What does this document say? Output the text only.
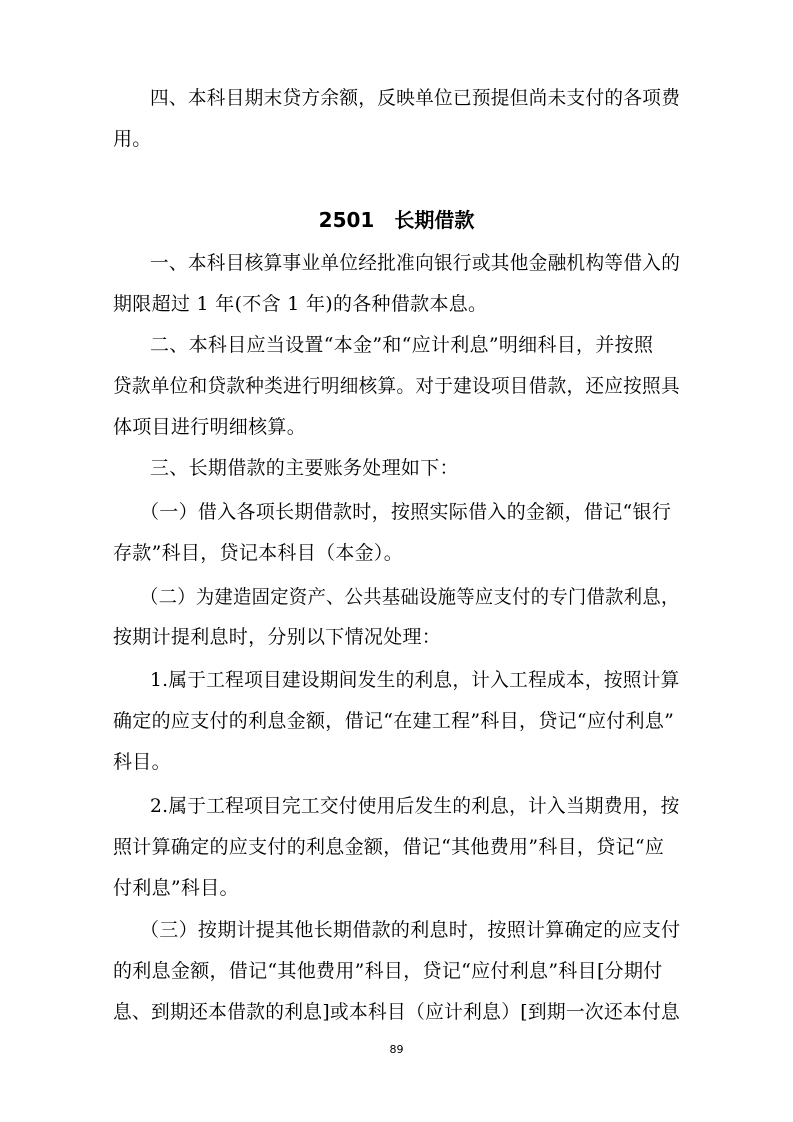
四、本科目期末贷方余额，反映单位已预提但尚未支付的各项费
用。
2501　长期借款
一、本科目核算事业单位经批准向银行或其他金融机构等借入的
期限超过 1 年(不含 1 年)的各种借款本息。
二、本科目应当设置“本金”和“应计利息”明细科目，并按照
贷款单位和贷款种类进行明细核算。对于建设项目借款，还应按照具
体项目进行明细核算。
三、长期借款的主要账务处理如下：
（一）借入各项长期借款时，按照实际借入的金额，借记“银行
存款”科目，贷记本科目（本金）。
（二）为建造固定资产、公共基础设施等应支付的专门借款利息，
按期计提利息时，分别以下情况处理：
1.属于工程项目建设期间发生的利息，计入工程成本，按照计算
确定的应支付的利息金额，借记“在建工程”科目，贷记“应付利息”
科目。
2.属于工程项目完工交付使用后发生的利息，计入当期费用，按
照计算确定的应支付的利息金额，借记“其他费用”科目，贷记“应
付利息”科目。
（三）按期计提其他长期借款的利息时，按照计算确定的应支付
的利息金额，借记“其他费用”科目，贷记“应付利息”科目[分期付
息、到期还本借款的利息]或本科目（应计利息）[到期一次还本付息
89
